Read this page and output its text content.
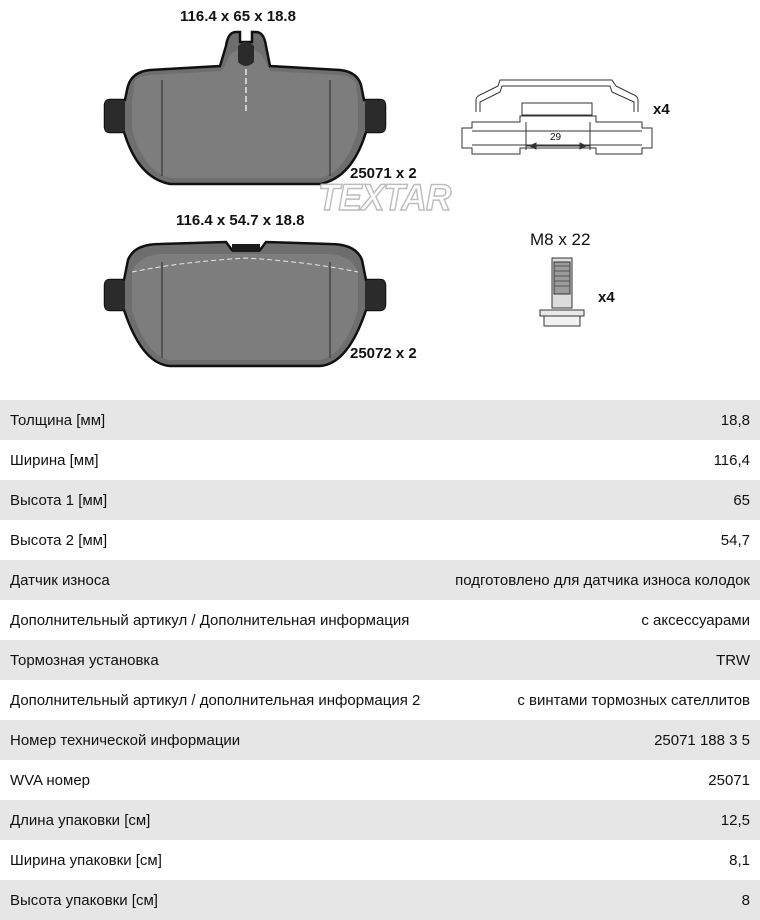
116.4 x 65 x 18.8
25071 x 2
TEXTAR
116.4 x 54.7 x 18.8
25072 x 2
x4
29
M8 x 22
x4
Толщина [мм]	18,8
Ширина [мм]	116,4
Высота 1 [мм]	65
Высота 2 [мм]	54,7
Датчик износа	подготовлено для датчика износа колодок
Дополнительный артикул / Дополнительная информация	с аксессуарами
Тормозная установка	TRW
Дополнительный артикул / дополнительная информация 2	с винтами тормозных сателлитов
Номер технической информации	25071 188 3 5
WVA номер	25071
Длина упаковки [см]	12,5
Ширина упаковки [см]	8,1
Высота упаковки [см]	8
